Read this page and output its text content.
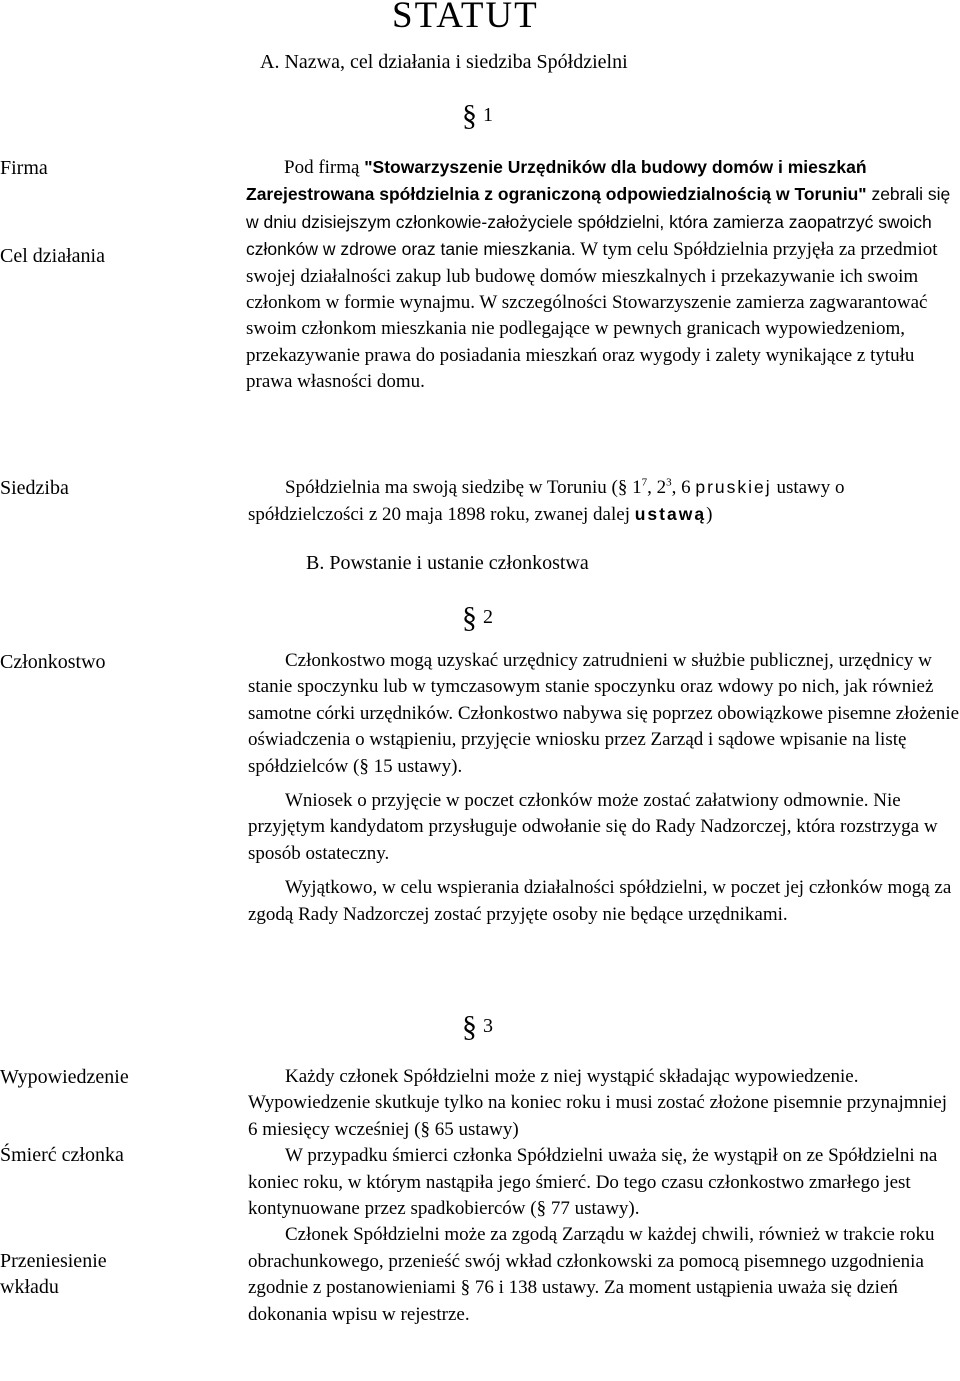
STATUT
A. Nazwa, cel działania i siedziba Spółdzielni
§ 1
Firma
Cel działania
Siedziba

Pod firmą "Stowarzyszenie Urzędników dla budowy domów i mieszkań Zarejestrowana spółdzielnia z ograniczoną odpowiedzialnością w Toruniu" zebrali się w dniu dzisiejszym członkowie-założyciele spółdzielni, która zamierza zaopatrzyć swoich członków w zdrowe oraz tanie mieszkania. W tym celu Spółdzielnia przyjęła za przedmiot swojej działalności zakup lub budowę domów mieszkalnych i przekazywanie ich swoim członkom w formie wynajmu. W szczególności Stowarzyszenie zamierza zagwarantować swoim członkom mieszkania nie podlegające w pewnych granicach wypowiedzeniom, przekazywanie prawa do posiadania mieszkań oraz wygody i zalety wynikające z tytułu prawa własności domu.

Spółdzielnia ma swoją siedzibę w Toruniu (§ $1^7$, $2^3$, 6 pruskiej ustawy o spółdzielczości z 20 maja 1898 roku, zwanej dalej ustawą)

B. Powstanie i ustanie członkostwa
§ 2
Członkostwo	Członkostwo mogą uzyskać urzędnicy zatrudnieni w służbie publicznej, urzędnicy w stanie spoczynku lub w tymczasowym stanie spoczynku oraz wdowy po nich, jak również samotne córki urzędników. Członkostwo nabywa się poprzez obowiązkowe pisemne złożenie oświadczenia o wstąpieniu, przyjęcie wniosku przez Zarząd i sądowe wpisanie na listę spółdzielców (§ 15 ustawy).

Wniosek o przyjęcie w poczet członków może zostać załatwiony odmownie. Nie przyjętym kandydatom przysługuje odwołanie się do Rady Nadzorczej, która rozstrzyga w sposób ostateczny.

Wyjątkowo, w celu wspierania działalności spółdzielni, w poczet jej członków mogą za zgodą Rady Nadzorczej zostać przyjęte osoby nie będące urzędnikami.

§ 3
Wypowiedzenie
Śmierć członka
Przeniesienie
wkładu

Każdy członek Spółdzielni może z niej wystąpić składając wypowiedzenie. Wypowiedzenie skutkuje tylko na koniec roku i musi zostać złożone pisemnie przynajmniej 6 miesięcy wcześniej (§ 65 ustawy)

W przypadku śmierci członka Spółdzielni uważa się, że wystąpił on ze Spółdzielni na koniec roku, w którym nastąpiła jego śmierć. Do tego czasu członkostwo zmarłego jest kontynuowane przez spadkobierców (§ 77 ustawy).

Członek Spółdzielni może za zgodą Zarządu w każdej chwili, również w trakcie roku obrachunkowego, przenieść swój wkład członkowski za pomocą pisemnego uzgodnienia zgodnie z postanowieniami § 76 i 138 ustawy. Za moment ustąpienia uważa się dzień dokonania wpisu w rejestrze.
